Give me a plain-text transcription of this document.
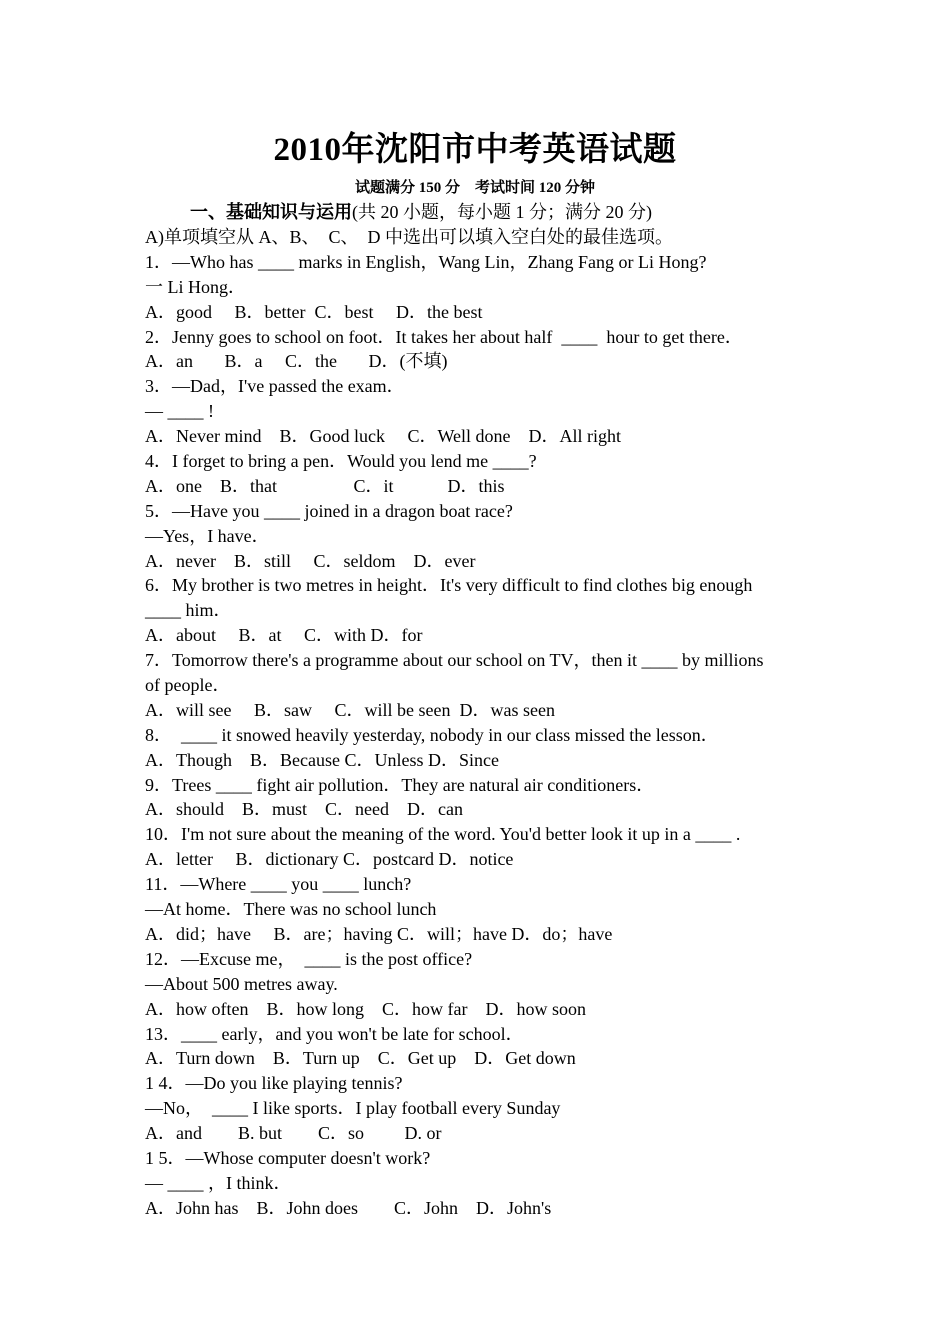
2010年沈阳市中考英语试题
试题满分 150 分　考试时间 120 分钟
一、基础知识与运用(共 20 小题，每小题 1 分；满分 20 分)
A)单项填空从 A、B、　C、　D 中选出可以填入空白处的最佳选项。
1．—Who has ____ marks in English，Wang Lin，Zhang Fang or Li Hong?
一 Li Hong．
A．good　 B．better  C．best　 D．the best
2．Jenny goes to school on foot．It takes her about half  ____  hour to get there．
A．an　   B．a　 C．the　   D．(不填)
3．—Dad，I've passed the exam．
— ____ !
A．Never mind　B．Good luck　 C．Well done　D．All right
4．I forget to bring a pen．Would you lend me ____?
A．one　B．that　　　　 C．it　　　D．this
5．—Have you ____ joined in a dragon boat race?
—Yes，I have．
A．never　B．still　 C．seldom　D．ever
6．My brother is two metres in height．It's very difficult to find clothes big enough
____ him．
A．about　 B．at　 C．with D．for
7．Tomorrow there's a programme about our school on TV，then it ____ by millions
of people．
A．will see　 B．saw　 C．will be seen  D．was seen
8．  ____ it snowed heavily yesterday, nobody in our class missed the lesson．
A．Though　B．Because C．Unless D．Since
9．Trees ____ fight air pollution．They are natural air conditioners．
A．should　B．must　C．need　D．can
10．I'm not sure about the meaning of the word. You'd better look it up in a ____ .
A．letter　 B．dictionary C．postcard D．notice
11．—Where ____ you ____ lunch?
—At home．There was no school lunch
A．did；have　 B．are；having C．will；have D．do；have
12．—Excuse me，　____ is the post office?
—About 500 metres away.
A．how often　B．how long　C．how far　D．how soon
13．____ early，and you won't be late for school．
A．Turn down　B．Turn up　C．Get up　D．Get down
1 4．—Do you like playing tennis?
—No，　____ I like sports．I play football every Sunday
A．and　　B. but　　C．so　　 D. or
1 5．—Whose computer doesn't work?
— ____ ，I think．
A．John has　B．John does　　C．John　D．John's
